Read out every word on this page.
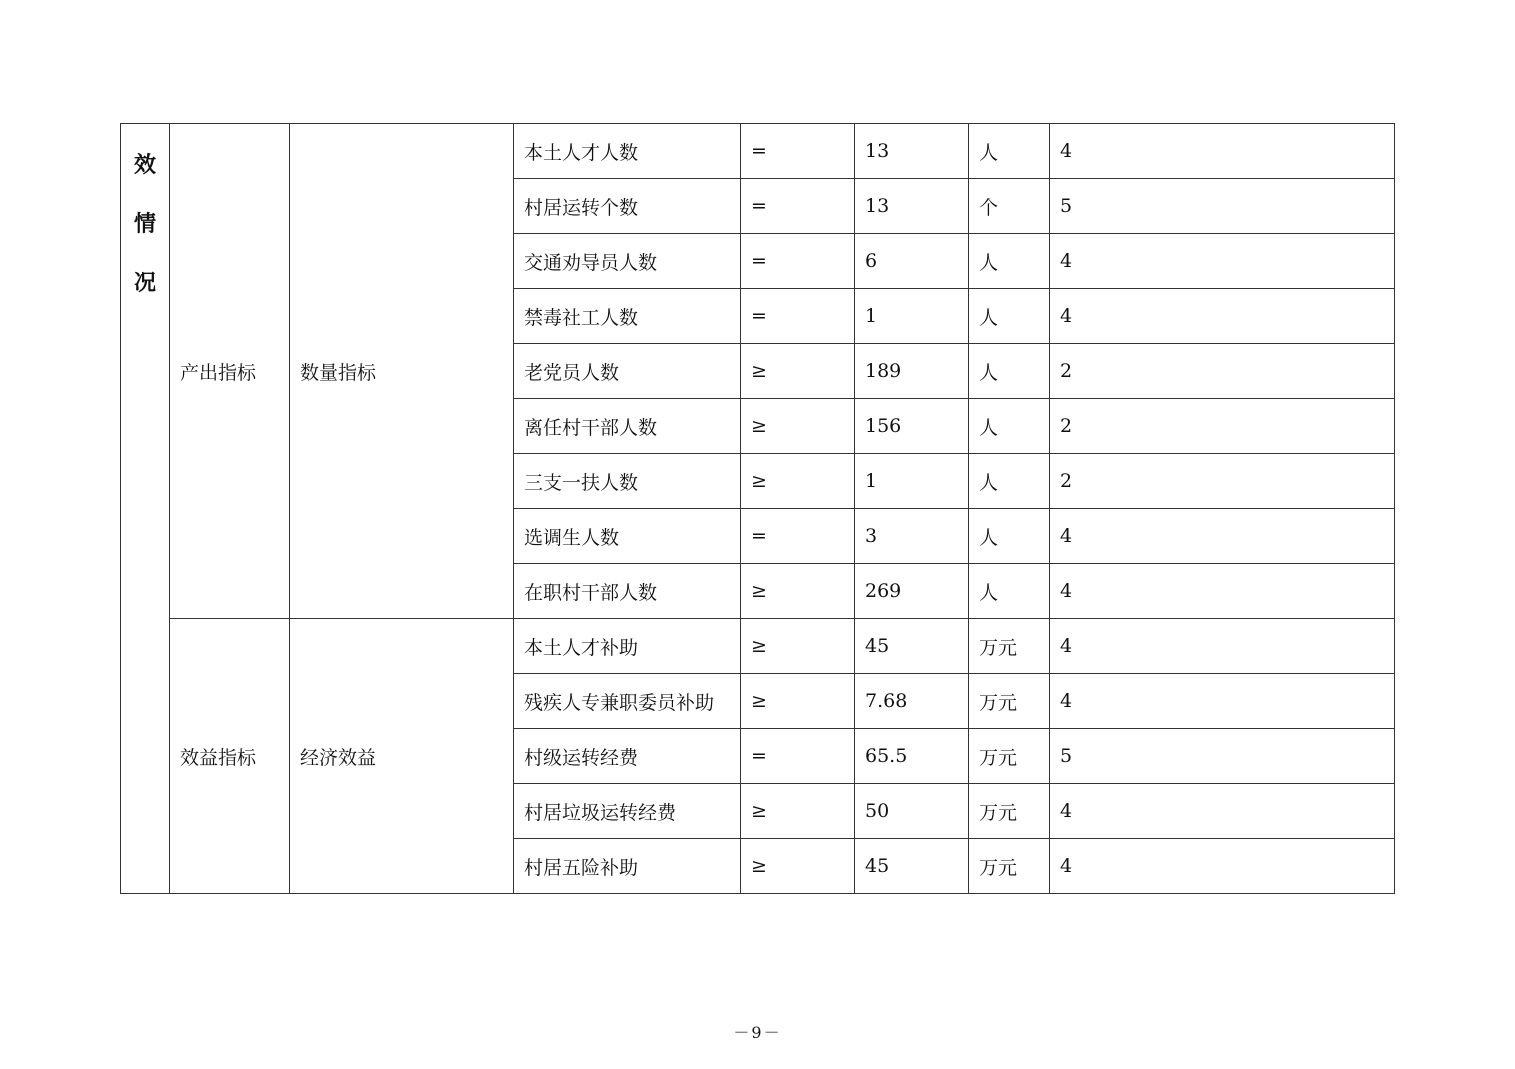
效
情
况	产出指标	数量指标	本土人才人数	=	13	人	4
			村居运转个数	=	13	个	5
			交通劝导员人数	=	6	人	4
			禁毒社工人数	=	1	人	4
			老党员人数	≥	189	人	2
			离任村干部人数	≥	156	人	2
			三支一扶人数	≥	1	人	2
			选调生人数	=	3	人	4
			在职村干部人数	≥	269	人	4
	效益指标	经济效益	本土人才补助	≥	45	万元	4
			残疾人专兼职委员补助	≥	7.68	万元	4
			村级运转经费	=	65.5	万元	5
			村居垃圾运转经费	≥	50	万元	4
			村居五险补助	≥	45	万元	4
－9－
